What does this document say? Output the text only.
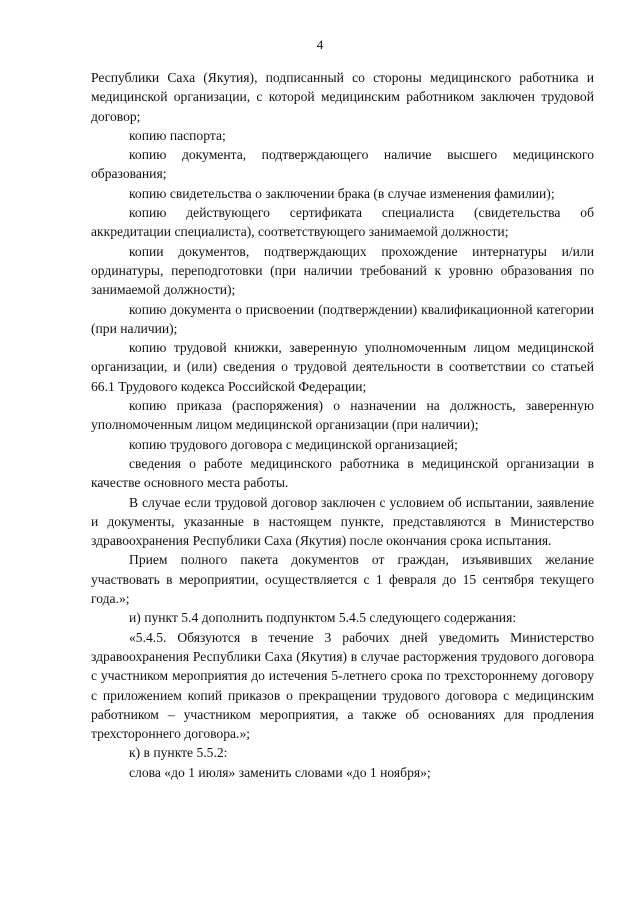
4

Республики Саха (Якутия), подписанный со стороны медицинского работника и медицинской организации, с которой медицинским работником заключен трудовой договор;

копию паспорта;

копию документа, подтверждающего наличие высшего медицинского образования;

копию свидетельства о заключении брака (в случае изменения фамилии);

копию действующего сертификата специалиста (свидетельства об аккредитации специалиста), соответствующего занимаемой должности;

копии документов, подтверждающих прохождение интернатуры и/или ординатуры, переподготовки (при наличии требований к уровню образования по занимаемой должности);

копию документа о присвоении (подтверждении) квалификационной категории (при наличии);

копию трудовой книжки, заверенную уполномоченным лицом медицинской организации, и (или) сведения о трудовой деятельности в соответствии со статьей 66.1 Трудового кодекса Российской Федерации;

копию приказа (распоряжения) о назначении на должность, заверенную уполномоченным лицом медицинской организации (при наличии);

копию трудового договора с медицинской организацией;

сведения о работе медицинского работника в медицинской организации в качестве основного места работы.

В случае если трудовой договор заключен с условием об испытании, заявление и документы, указанные в настоящем пункте, представляются в Министерство здравоохранения Республики Саха (Якутия) после окончания срока испытания.

Прием полного пакета документов от граждан, изъявивших желание участвовать в мероприятии, осуществляется с 1 февраля до 15 сентября текущего года.»;

и) пункт 5.4 дополнить подпунктом 5.4.5 следующего содержания:

«5.4.5. Обязуются в течение 3 рабочих дней уведомить Министерство здравоохранения Республики Саха (Якутия) в случае расторжения трудового договора с участником мероприятия до истечения 5-летнего срока по трехстороннему договору с приложением копий приказов о прекращении трудового договора с медицинским работником – участником мероприятия, а также об основаниях для продления трехстороннего договора.»;

к) в пункте 5.5.2:

слова «до 1 июля» заменить словами «до 1 ноября»;
